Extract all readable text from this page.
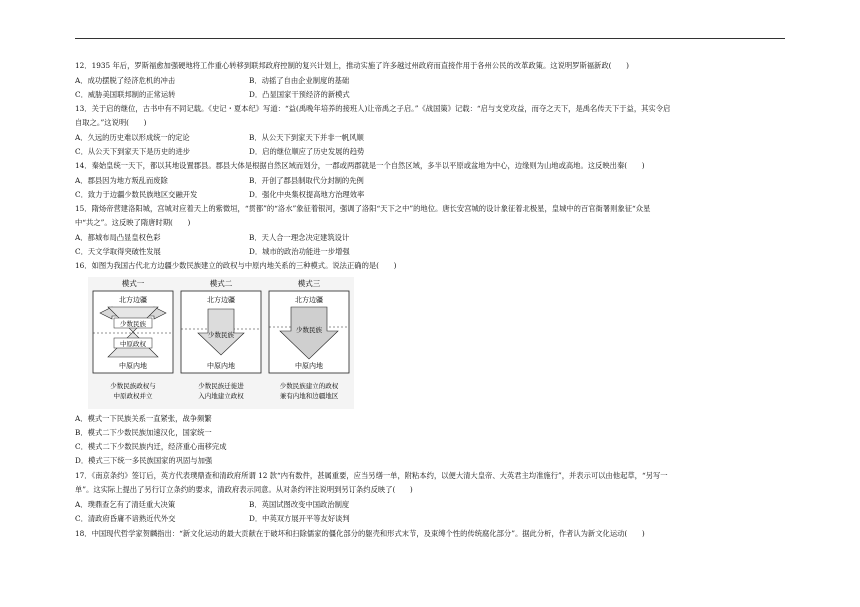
12．1935 年后，罗斯福愈加强硬地将工作重心转移到联邦政府控制的复兴计划上，推动实施了许多越过州政府而直接作用于各州公民的改革政策。这说明罗斯福新政(　　)
A．成功摆脱了经济危机的冲击	B．动摇了自由企业制度的基础
C．威胁美国联邦制的正常运转	D．凸显国家干预经济的新模式
13．关于启的继位，古书中有不同记载。《史记・夏本纪》写道：“益(禹晚年培养的接班人)让帝禹之子启。”《战国策》记载：“启与支党攻益，而夺之天下，是禹名传天下于益，其实令启
自取之。”这说明(　　)
A．久远的历史难以形成统一的定论	B．从公天下到家天下并非一帆风顺
C．从公天下到家天下是历史的进步	D．启的继位顺应了历史发展的趋势
14．秦始皇统一天下，都以其地设置郡县。郡县大体是根据自然区域而划分，一郡或两郡就是一个自然区域，多半以平原或盆地为中心，边缘则为山地或高地。这反映出秦(　　)
A．郡县因为地方叛乱而废除	B．开创了郡县制取代分封制的先例
C．致力于边疆少数民族地区交融开发	D．强化中央集权提高地方治理效率
15．隋炀帝营建洛阳城，宫城对应着天上的紫微垣，“贯都”的“洛水”象征着银河，强调了洛阳“天下之中”的地位。唐长安宫城的设计象征着北极星，皇城中的百官衙署则象征“众星
中“共之”。这反映了隋唐时期(　　)
A．都城布局凸显皇权色彩	B．天人合一理念决定建筑设计
C．天文学取得突破性发展	D．城市的政治功能进一步增强
16．如图为我国古代北方边疆少数民族建立的政权与中原内地关系的三种模式。说法正确的是(　　)
模式一
北方边疆
少数民族
中原政权
中原内地
少数民族政权与
中原政权并立
模式二
北方边疆
少数民族
中原内地
少数民族迁徙进
入内地建立政权
模式三
北方边疆
少数民族
中原内地
少数民族建立的政权
兼有内地和边疆地区
A．模式一下民族关系一直紧张，战争频繁
B．模式二下少数民族加速汉化，国家统一
C．模式二下少数民族内迁，经济重心南移完成
D．模式三下统一多民族国家的巩固与加强
17．《南京条约》签订后，英方代表璞鼎查和清政府所谓 12 款“内有数件，甚属重要，应当另缮一单，附粘本约，以便大清大皇帝、大英君主均准施行”，并表示可以由他起草，“另写一
单”。这实际上提出了另行订立条约的要求，清政府表示同意。从对条约评注说明到另订条约反映了(　　)
A．璞鼎查乞有了清廷重大决策	B．英国试图改变中国政治制度
C．清政府昏庸不谙熟近代外交	D．中英双方展开平等友好谈判
18．中国现代哲学家贺麟指出：“新文化运动的最大贡献在于破坏和扫除儒家的僵化部分的躯壳和形式末节，及束缚个性的传统腐化部分”。据此分析，作者认为新文化运动(　　)
